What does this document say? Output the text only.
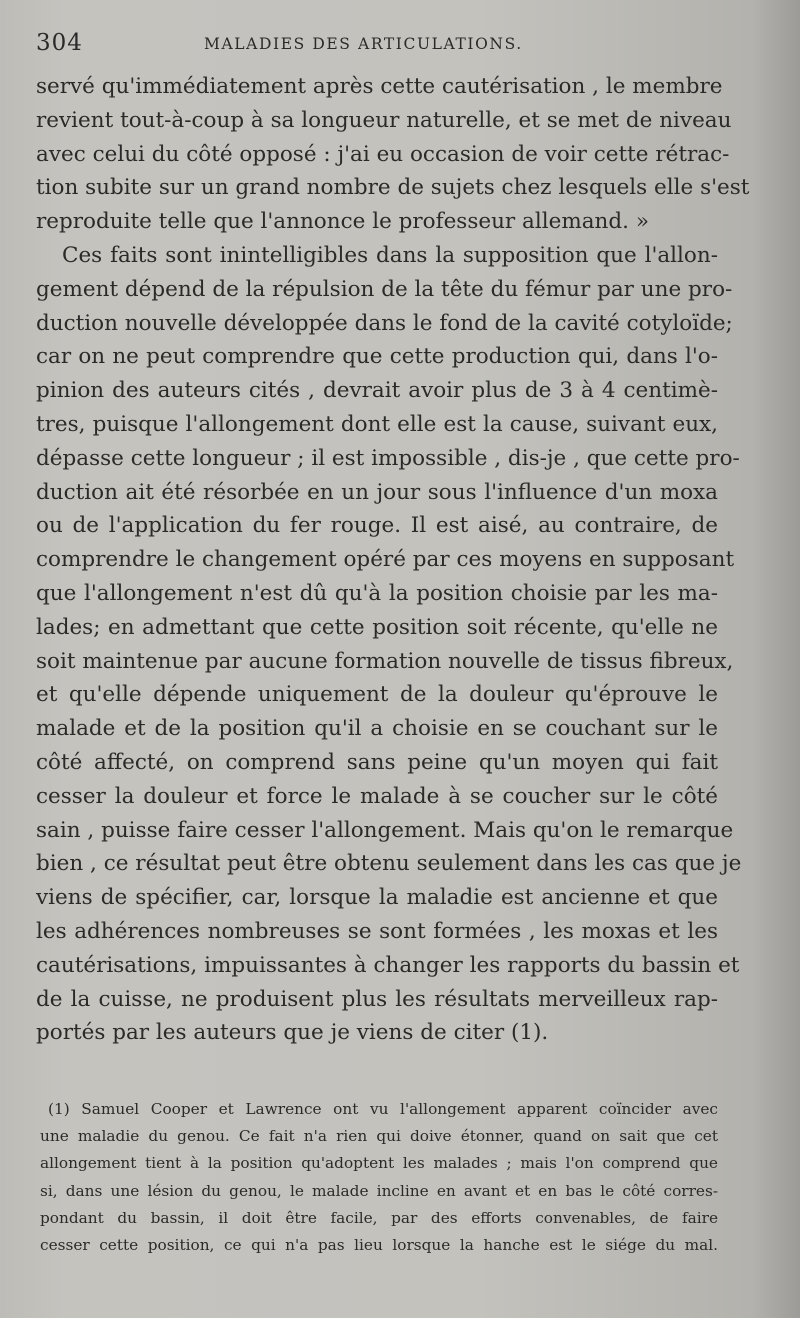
304	MALADIES DES ARTICULATIONS.
servé qu'immédiatement après cette cautérisation , le membre
revient tout-à-coup à sa longueur naturelle, et se met de niveau
avec celui du côté opposé : j'ai eu occasion de voir cette rétrac-
tion subite sur un grand nombre de sujets chez lesquels elle s'est
reproduite telle que l'annonce le professeur allemand. »
Ces faits sont inintelligibles dans la supposition que l'allon-
gement dépend de la répulsion de la tête du fémur par une pro-
duction nouvelle développée dans le fond de la cavité cotyloïde;
car on ne peut comprendre que cette production qui, dans l'o-
pinion des auteurs cités , devrait avoir plus de 3 à 4 centimè-
tres, puisque l'allongement dont elle est la cause, suivant eux,
dépasse cette longueur ; il est impossible , dis-je , que cette pro-
duction ait été résorbée en un jour sous l'influence d'un moxa
ou de l'application du fer rouge. Il est aisé, au contraire, de
comprendre le changement opéré par ces moyens en supposant
que l'allongement n'est dû qu'à la position choisie par les ma-
lades; en admettant que cette position soit récente, qu'elle ne
soit maintenue par aucune formation nouvelle de tissus fibreux,
et qu'elle dépende uniquement de la douleur qu'éprouve le
malade et de la position qu'il a choisie en se couchant sur le
côté affecté, on comprend sans peine qu'un moyen qui fait
cesser la douleur et force le malade à se coucher sur le côté
sain , puisse faire cesser l'allongement. Mais qu'on le remarque
bien , ce résultat peut être obtenu seulement dans les cas que je
viens de spécifier, car, lorsque la maladie est ancienne et que
les adhérences nombreuses se sont formées , les moxas et les
cautérisations, impuissantes à changer les rapports du bassin et
de la cuisse, ne produisent plus les résultats merveilleux rap-
portés par les auteurs que je viens de citer (1).
(1) Samuel Cooper et Lawrence ont vu l'allongement apparent coïncider avec
une maladie du genou. Ce fait n'a rien qui doive étonner, quand on sait que cet
allongement tient à la position qu'adoptent les malades ; mais l'on comprend que
si, dans une lésion du genou, le malade incline en avant et en bas le côté corres-
pondant du bassin, il doit être facile, par des efforts convenables, de faire
cesser cette position, ce qui n'a pas lieu lorsque la hanche est le siége du mal.
